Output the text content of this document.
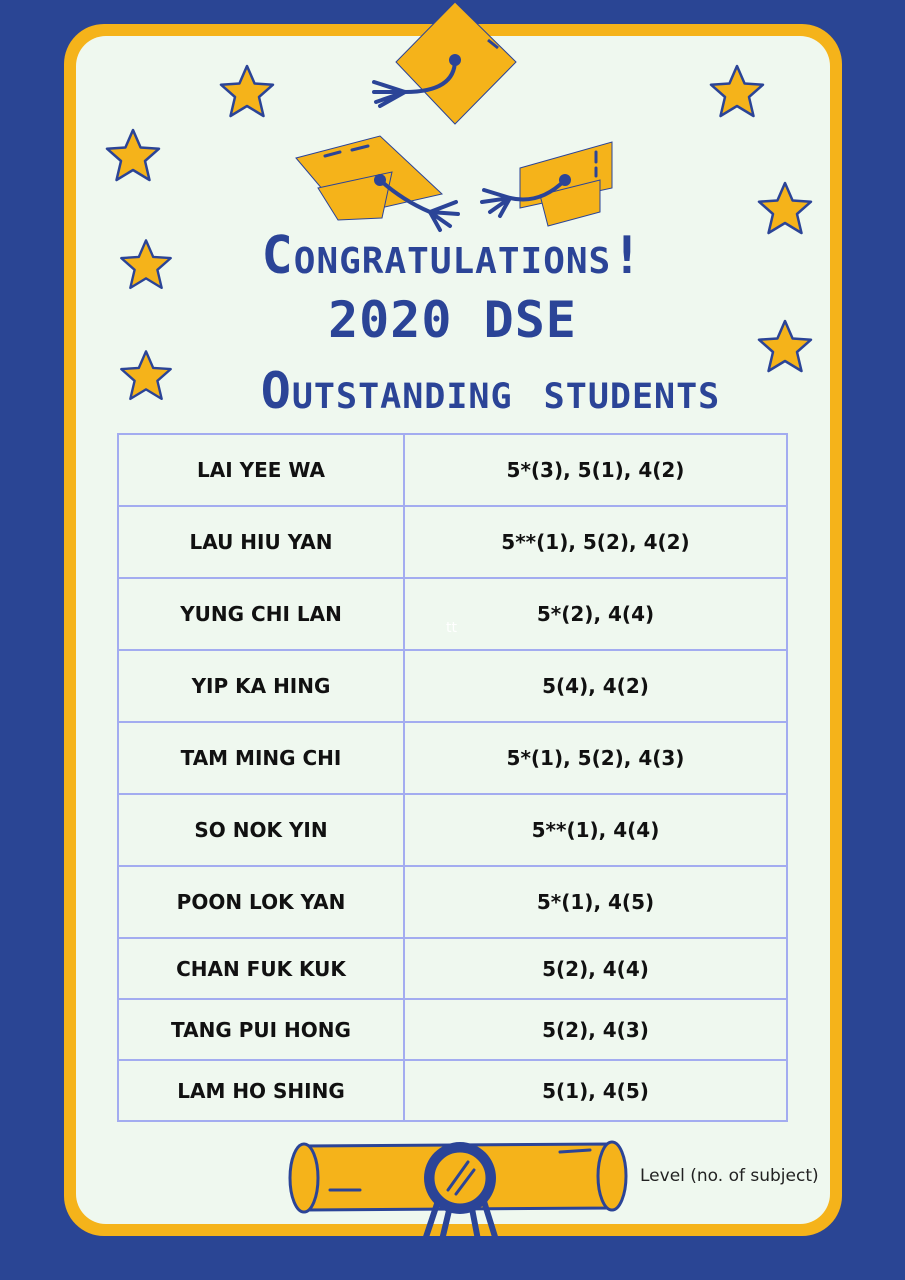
Congratulations!
2020 DSE
Outstanding students
LAI YEE WA	5*(3), 5(1), 4(2)
LAU HIU YAN	5**(1), 5(2), 4(2)
YUNG CHI LAN	5*(2), 4(4)
YIP KA HING	5(4), 4(2)
TAM MING CHI	5*(1), 5(2), 4(3)
SO NOK YIN	5**(1), 4(4)
POON LOK YAN	5*(1), 4(5)
CHAN FUK KUK	5(2), 4(4)
TANG PUI HONG	5(2), 4(3)
LAM HO SHING	5(1), 4(5)
tt
Level (no. of subject)
